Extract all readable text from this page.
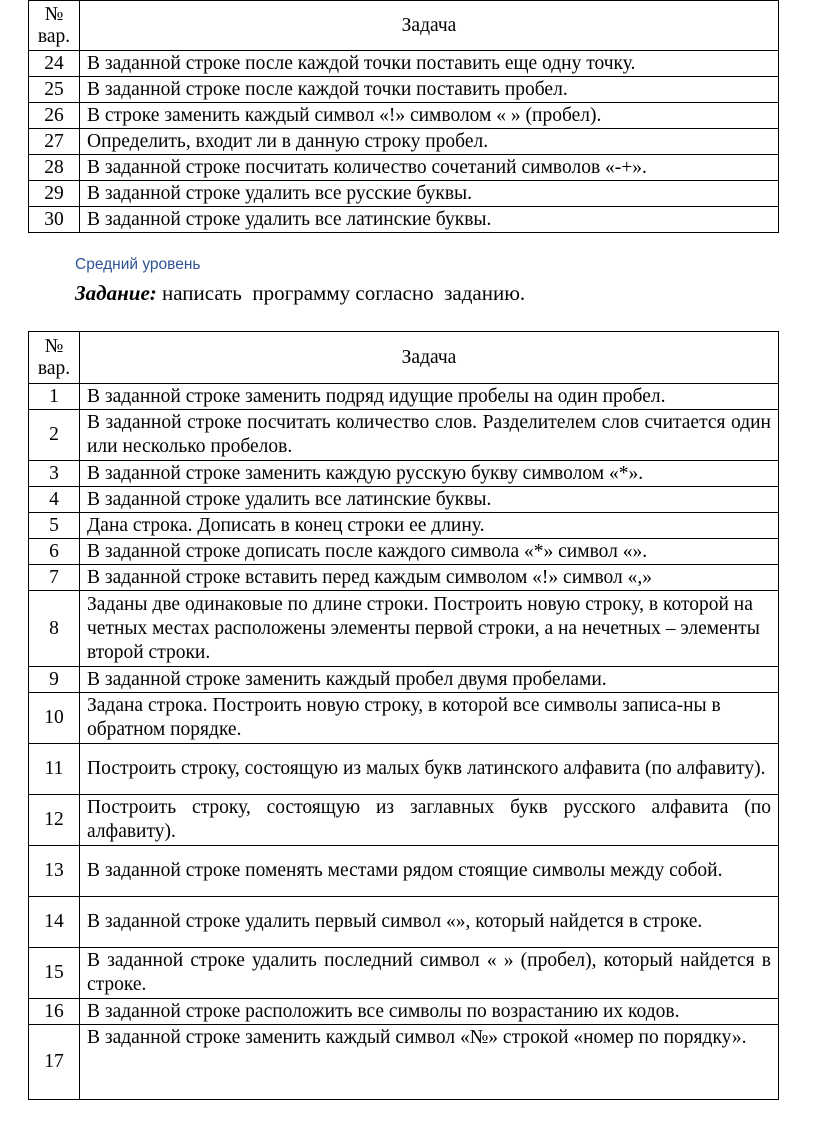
№ вар.	Задача
24	В заданной строке после каждой точки поставить еще одну точку.
25	В заданной строке после каждой точки поставить пробел.
26	В строке заменить каждый символ «!» символом « » (пробел).
27	Определить, входит ли в данную строку пробел.
28	В заданной строке посчитать количество сочетаний символов «-+».
29	В заданной строке удалить все русские буквы.
30	В заданной строке удалить все латинские буквы.
Средний уровень
Задание: написать  программу согласно  заданию.
№ вар.	Задача
1	В заданной строке заменить подряд идущие пробелы на один пробел.
2	В заданной строке посчитать количество слов. Разделителем слов считается один или несколько пробелов.
3	В заданной строке заменить каждую русскую букву символом «*».
4	В заданной строке удалить все латинские буквы.
5	Дана строка. Дописать в конец строки ее длину.
6	В заданной строке дописать после каждого символа «*» символ «».
7	В заданной строке вставить перед каждым символом «!» символ «,»
8	Заданы две одинаковые по длине строки. Построить новую строку, в которой на четных местах расположены элементы первой строки, а на нечетных – элементы второй строки.
9	В заданной строке заменить каждый пробел двумя пробелами.
10	Задана строка. Построить новую строку, в которой все символы записа-ны в обратном порядке.
11	Построить строку, состоящую из малых букв латинского алфавита (по алфавиту).
12	Построить строку, состоящую из заглавных букв русского алфавита (по алфавиту).
13	В заданной строке поменять местами рядом стоящие символы между собой.
14	В заданной строке удалить первый символ «», который найдется в строке.
15	В заданной строке удалить последний символ « » (пробел), который найдется в строке.
16	В заданной строке расположить все символы по возрастанию их кодов.
17	В заданной строке заменить каждый символ «№» строкой «номер по порядку».
